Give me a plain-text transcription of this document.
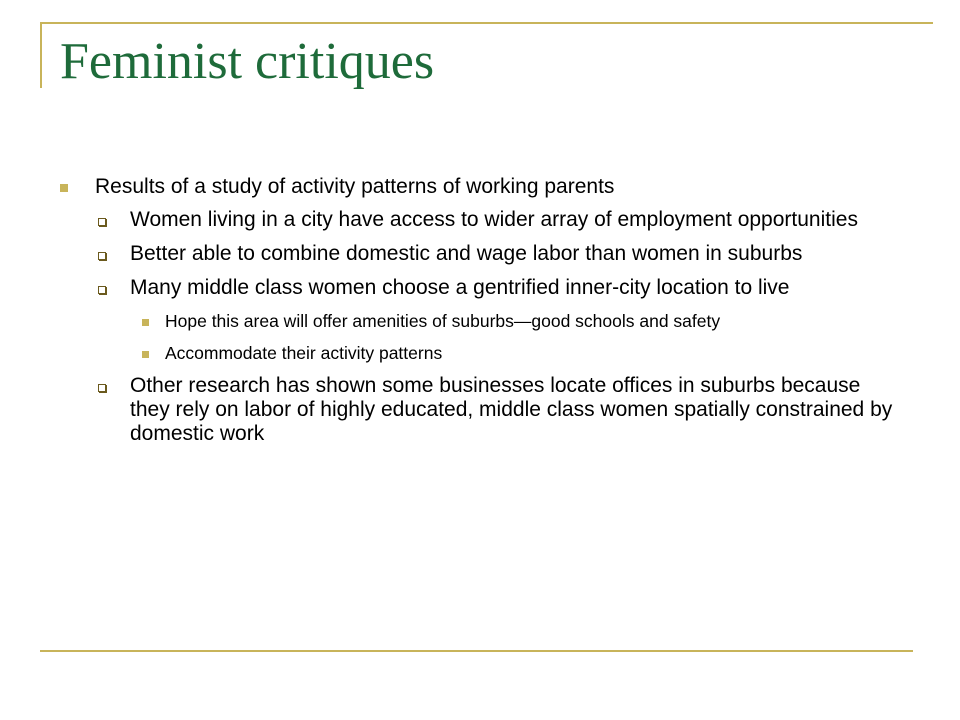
Feminist critiques
Results of a study of activity patterns of working parents
Women living in a city have access to wider array of employment opportunities
Better able to combine domestic and wage labor than women in suburbs
Many middle class women choose a gentrified inner-city location to live
Hope this area will offer amenities of suburbs—good schools and safety
Accommodate their activity patterns
Other research has shown some businesses locate offices in suburbs because they rely on labor of highly educated, middle class women spatially constrained by domestic work
